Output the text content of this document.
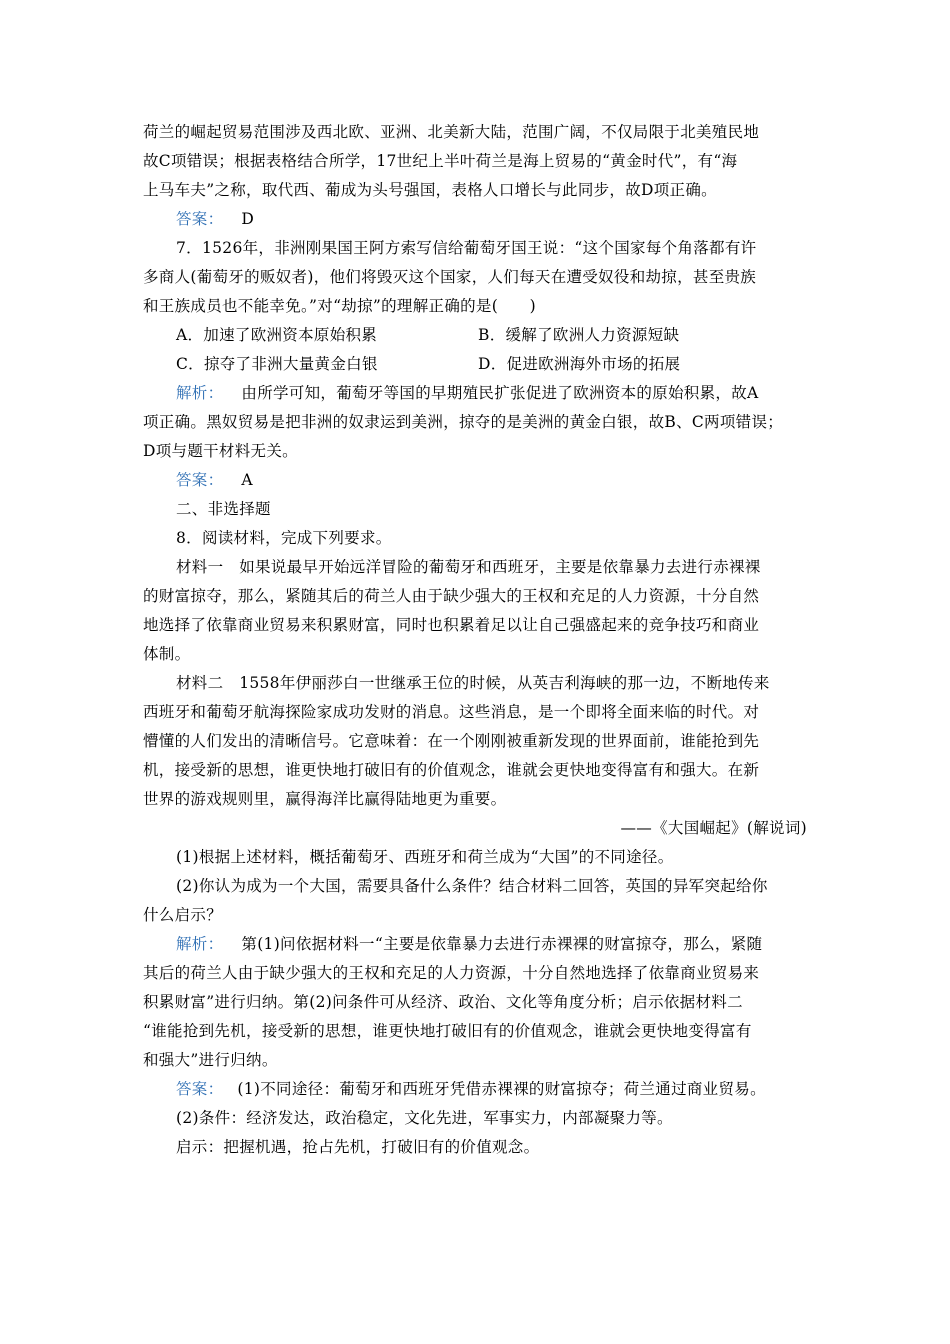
荷兰的崛起贸易范围涉及西北欧、亚洲、北美新大陆，范围广阔，不仅局限于北美殖民地
故C项错误；根据表格结合所学，17世纪上半叶荷兰是海上贸易的“黄金时代”，有“海
上马车夫”之称，取代西、葡成为头号强国，表格人口增长与此同步，故D项正确。
答案： D
7．1526年，非洲刚果国王阿方索写信给葡萄牙国王说：“这个国家每个角落都有许
多商人(葡萄牙的贩奴者)，他们将毁灭这个国家，人们每天在遭受奴役和劫掠，甚至贵族
和王族成员也不能幸免。”对“劫掠”的理解正确的是(　　)
A．加速了欧洲资本原始积累	B．缓解了欧洲人力资源短缺
C．掠夺了非洲大量黄金白银	D．促进欧洲海外市场的拓展
解析： 由所学可知，葡萄牙等国的早期殖民扩张促进了欧洲资本的原始积累，故A
项正确。黑奴贸易是把非洲的奴隶运到美洲，掠夺的是美洲的黄金白银，故B、C两项错误；
D项与题干材料无关。
答案： A
二、非选择题
8．阅读材料，完成下列要求。
材料一　如果说最早开始远洋冒险的葡萄牙和西班牙，主要是依靠暴力去进行赤裸裸
的财富掠夺，那么，紧随其后的荷兰人由于缺少强大的王权和充足的人力资源，十分自然
地选择了依靠商业贸易来积累财富，同时也积累着足以让自己强盛起来的竞争技巧和商业
体制。
材料二　1558年伊丽莎白一世继承王位的时候，从英吉利海峡的那一边，不断地传来
西班牙和葡萄牙航海探险家成功发财的消息。这些消息，是一个即将全面来临的时代。对
懵懂的人们发出的清晰信号。它意味着：在一个刚刚被重新发现的世界面前，谁能抢到先
机，接受新的思想，谁更快地打破旧有的价值观念，谁就会更快地变得富有和强大。在新
世界的游戏规则里，赢得海洋比赢得陆地更为重要。
——《大国崛起》(解说词)
(1)根据上述材料，概括葡萄牙、西班牙和荷兰成为“大国”的不同途径。
(2)你认为成为一个大国，需要具备什么条件？结合材料二回答，英国的异军突起给你
什么启示？
解析： 第(1)问依据材料一“主要是依靠暴力去进行赤裸裸的财富掠夺，那么，紧随
其后的荷兰人由于缺少强大的王权和充足的人力资源，十分自然地选择了依靠商业贸易来
积累财富”进行归纳。第(2)问条件可从经济、政治、文化等角度分析；启示依据材料二
“谁能抢到先机，接受新的思想，谁更快地打破旧有的价值观念，谁就会更快地变得富有
和强大”进行归纳。
答案： (1)不同途径：葡萄牙和西班牙凭借赤裸裸的财富掠夺；荷兰通过商业贸易。
(2)条件：经济发达，政治稳定，文化先进，军事实力，内部凝聚力等。
启示：把握机遇，抢占先机，打破旧有的价值观念。
